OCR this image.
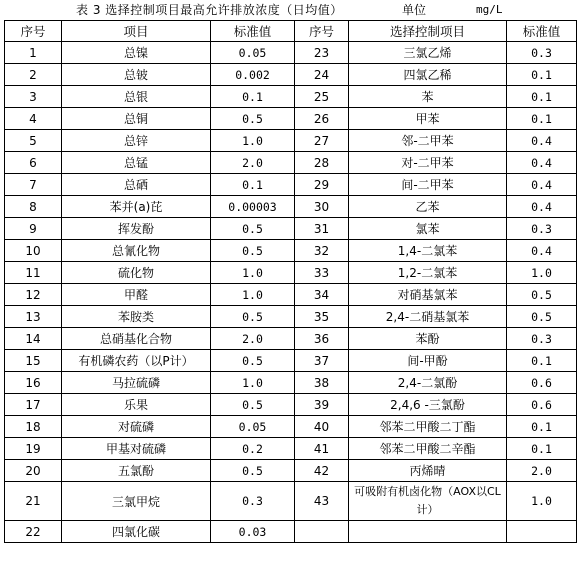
表 3 选择控制项目最高允许排放浓度（日均值）	单位	mg/L
序号	项目	标准值	序号	选择控制项目	标准值
1	总镍	0.05	23	三氯乙烯	0.3
2	总铍	0.002	24	四氯乙稀	0.1
3	总银	0.1	25	苯	0.1
4	总铜	0.5	26	甲苯	0.1
5	总锌	1.0	27	邻-二甲苯	0.4
6	总锰	2.0	28	对-二甲苯	0.4
7	总硒	0.1	29	间-二甲苯	0.4
8	苯并(a)芘	0.00003	30	乙苯	0.4
9	挥发酚	0.5	31	氯苯	0.3
10	总氰化物	0.5	32	1,4-二氯苯	0.4
11	硫化物	1.0	33	1,2-二氯苯	1.0
12	甲醛	1.0	34	对硝基氯苯	0.5
13	苯胺类	0.5	35	2,4-二硝基氯苯	0.5
14	总硝基化合物	2.0	36	苯酚	0.3
15	有机磷农药（以P计）	0.5	37	间-甲酚	0.1
16	马拉硫磷	1.0	38	2,4-二氯酚	0.6
17	乐果	0.5	39	2,4,6 -三氯酚	0.6
18	对硫磷	0.05	40	邻苯二甲酸二丁酯	0.1
19	甲基对硫磷	0.2	41	邻苯二甲酸二辛酯	0.1
20	五氯酚	0.5	42	丙烯晴	2.0
21	三氯甲烷	0.3	43	可吸附有机卤化物（AOX以CL计）	1.0
22	四氯化碳	0.03			
